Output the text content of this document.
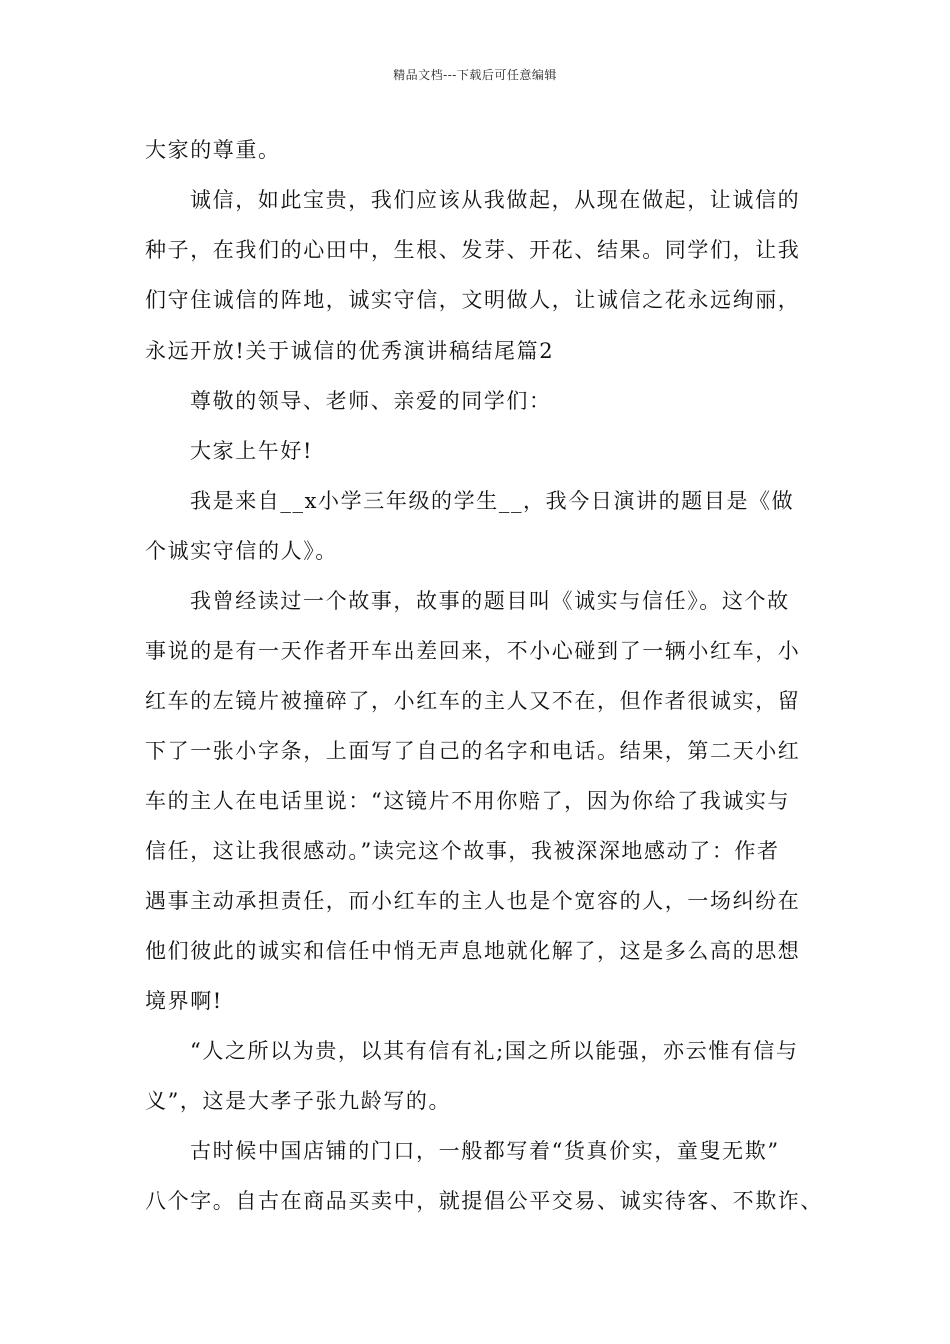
精品文档---下载后可任意编辑
大家的尊重。
诚信，如此宝贵，我们应该从我做起，从现在做起，让诚信的
种子，在我们的心田中，生根、发芽、开花、结果。同学们，让我
们守住诚信的阵地，诚实守信，文明做人，让诚信之花永远绚丽，
永远开放!关于诚信的优秀演讲稿结尾篇2
尊敬的领导、老师、亲爱的同学们：
大家上午好!
我是来自__x小学三年级的学生__，我今日演讲的题目是《做
个诚实守信的人》。
我曾经读过一个故事，故事的题目叫《诚实与信任》。这个故
事说的是有一天作者开车出差回来，不小心碰到了一辆小红车，小
红车的左镜片被撞碎了，小红车的主人又不在，但作者很诚实，留
下了一张小字条，上面写了自己的名字和电话。结果，第二天小红
车的主人在电话里说：“这镜片不用你赔了，因为你给了我诚实与
信任，这让我很感动。”读完这个故事，我被深深地感动了：作者
遇事主动承担责任，而小红车的主人也是个宽容的人，一场纠纷在
他们彼此的诚实和信任中悄无声息地就化解了，这是多么高的思想
境界啊!
“人之所以为贵，以其有信有礼;国之所以能强，亦云惟有信与
义”，这是大孝子张九龄写的。
古时候中国店铺的门口，一般都写着“货真价实，童叟无欺”
八个字。自古在商品买卖中，就提倡公平交易、诚实待客、不欺诈、
